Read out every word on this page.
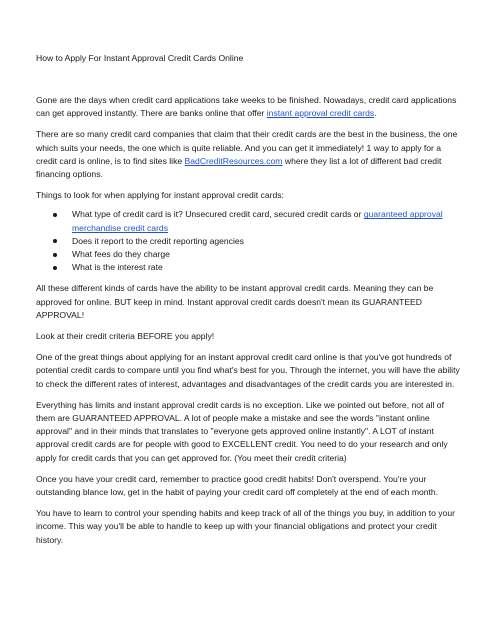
How to Apply For Instant Approval Credit Cards Online

Gone are the days when credit card applications take weeks to be finished. Nowadays, credit card applications can get approved instantly. There are banks online that offer instant approval credit cards.

There are so many credit card companies that claim that their credit cards are the best in the business, the one which suits your needs, the one which is quite reliable. And you can get it immediately! 1 way to apply for a credit card is online, is to find sites like BadCreditResources.com where they list a lot of different bad credit financing options.

Things to look for when applying for instant approval credit cards:

What type of credit card is it? Unsecured credit card, secured credit cards or guaranteed approval merchandise credit cards
Does it report to the credit reporting agencies
What fees do they charge
What is the interest rate

All these different kinds of cards have the ability to be instant approval credit cards. Meaning they can be approved for online. BUT keep in mind. Instant approval credit cards doesn't mean its GUARANTEED APPROVAL!

Look at their credit criteria BEFORE you apply!

One of the great things about applying for an instant approval credit card online is that you've got hundreds of potential credit cards to compare until you find what's best for you. Through the internet, you will have the ability to check the different rates of interest, advantages and disadvantages of the credit cards you are interested in.

Everything has limits and instant approval credit cards is no exception. Like we pointed out before, not all of them are GUARANTEED APPROVAL. A lot of people make a mistake and see the words "instant online approval" and in their minds that translates to "everyone gets approved online instantly". A LOT of instant approval credit cards are for people with good to EXCELLENT credit. You need to do your research and only apply for credit cards that you can get approved for. (You meet their credit criteria)

Once you have your credit card, remember to practice good credit habits! Don't overspend. You're your outstanding blance low, get in the habit of paying your credit card off completely at the end of each month.

You have to learn to control your spending habits and keep track of all of the things you buy, in addition to your income. This way you'll be able to handle to keep up with your financial obligations and protect your credit history.
